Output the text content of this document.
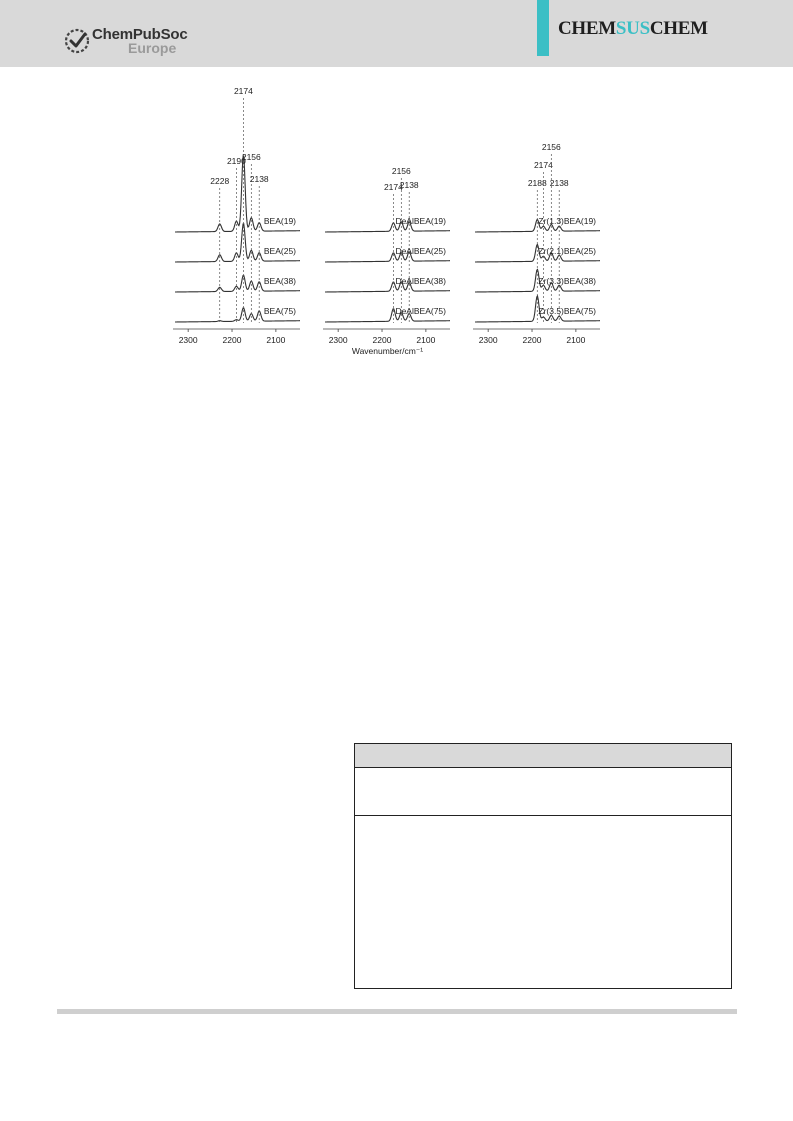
ChemPubSoc
Europe
CHEMSUSCHEM
2300	2200	2100
BEA(19)
BEA(25)
BEA(38)
BEA(75)
2228
2190
2174
2156
2138
2300	2200	2100
DeAlBEA(19)
DeAlBEA(25)
DeAlBEA(38)
DeAlBEA(75)
2174
2156
2138
2300	2200	2100
Zr(1.3)BEA(19)
Zr(2.1)BEA(25)
Zr(3.3)BEA(38)
Zr(3.5)BEA(75)
2188
2174
2156
2138
Wavenumber/cm⁻¹
